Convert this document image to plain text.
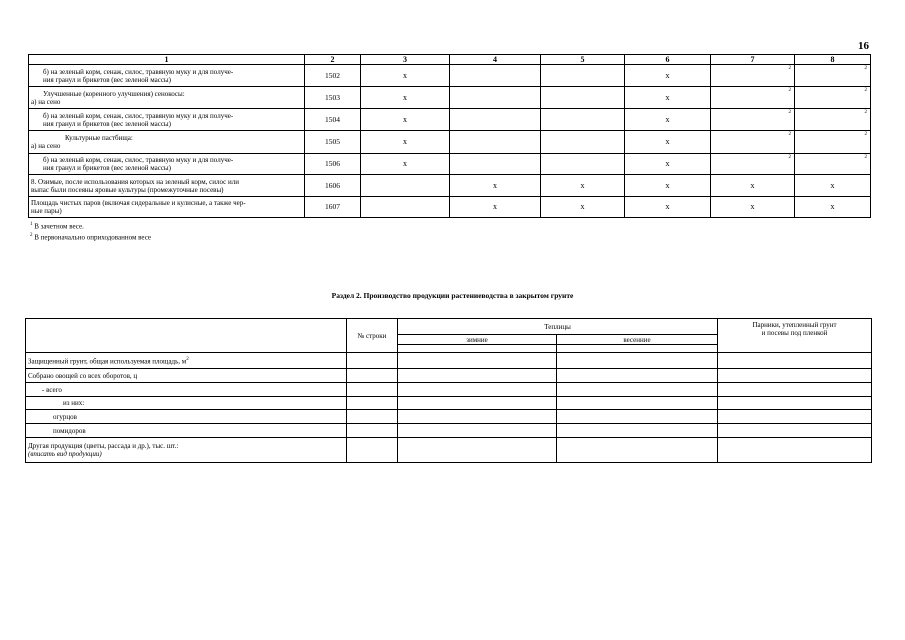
16
1	2	3	4	5	6	7	8

б) на зеленый корм, сенаж, силос, травяную муку и для получе-
ния гранул и брикетов (вес зеленой массы)	1502	x			x	2	2

Улучшенные (коренного улучшения) сенокосы:
а) на сено	1503	x			x	2	2

б) на зеленый корм, сенаж, силос, травяную муку и для получе-
ния гранул и брикетов (вес зеленой массы)	1504	x			x	2	2

Культурные пастбища:
а) на сено	1505	x			x	2	2

б) на зеленый корм, сенаж, силос, травяную муку и для получе-
ния гранул и брикетов (вес зеленой массы)	1506	x			x	2	2

8. Озимые, после использования которых на зеленый корм, силос или
выпас были посеяны яровые культуры (промежуточные посевы)	1606		x	x	x	x	x

Площадь чистых паров (включая сидеральные и кулисные, а также чер-
ные пары)	1607		x	x	x	x	x
$^1$ В зачетном весе.
$^2$ В первоначально оприходованном весе
Раздел 2. Производство продукции растениеводства в закрытом грунте
	№ строки	Теплицы		Парники, утепленный грунт
и посевы под пленкой

		зимние	весенние	

Защищенный грунт, общая используемая площадь, $м^2$				
Собрано овощей со всех оборотов, ц				
- всего				
из них:				
огурцов				
помидоров				

Другая продукция (цветы, рассада и др.), тыс. шт.:
(вписать вид продукции)				
